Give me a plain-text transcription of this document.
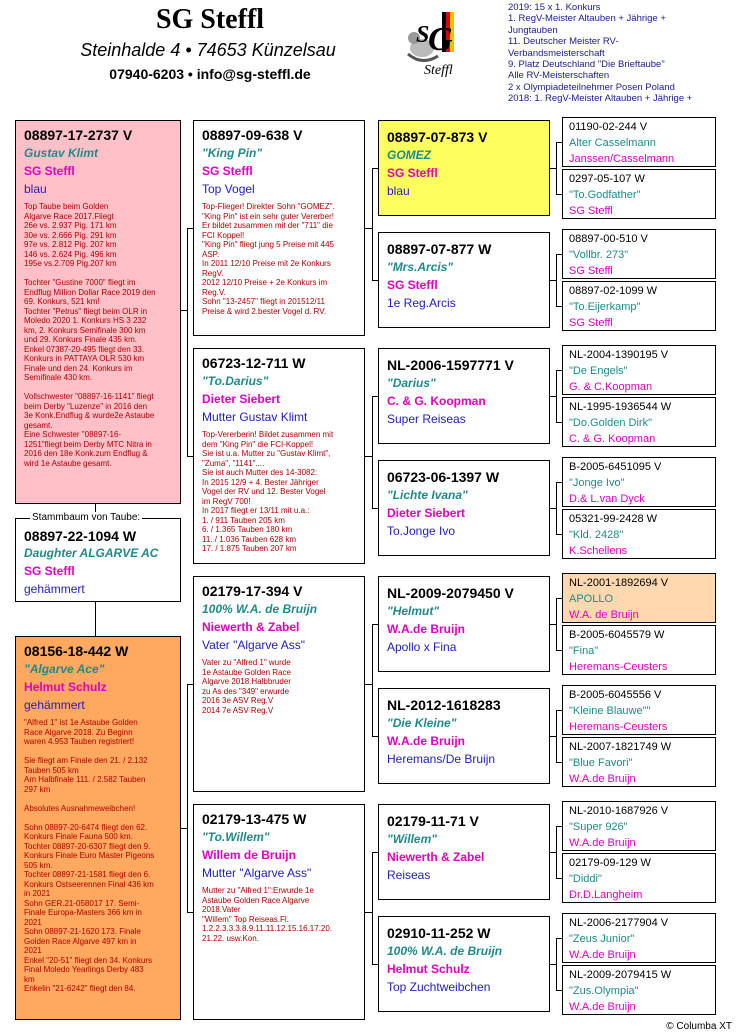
SG Steffl
Steinhalde 4 • 74653 Künzelsau
07940-6203 • info@sg-steffl.de
G
S
Steffl
2019: 15 x 1. Konkurs
1. RegV-Meister Altauben + Jährige +
Jungtauben
11. Deutscher Meister RV-
Verbandsmeisterschaft
9. Platz Deutschland "Die Brieftaube"
Alle RV-Meisterschaften
2 x Olympiadeteilnehmer Posen Poland
2018: 1. RegV-Meister Altauben + Jährige +
08897-17-2737 V
Gustav Klimt
SG Steffl
blau
Top Taube beim Golden
Algarve Race 2017.Fliegt
26e vs. 2.937 Pig. 171 km
30e vs. 2.666 Pig. 291 km
97e vs. 2.812 Pig. 207 km
146 vs. 2.624 Pig. 496 km
195e vs.2.709 Pig.207 km
Tochter "Gustine 7000" fliegt im
Endflug Million Dollar Race 2019 den
69. Konkurs, 521 km!
Tochter "Petrus" fliegt beim OLR in
Moledo 2020 1. Konkurs HS 3 232
km, 2. Konkurs Semifinale 300 km
und 29. Konkurs Finale 435 km.
Enkel 07387-20-495 fliegt den 33.
Konkurs in PATTAYA OLR 530 km
Finale und den 24. Konkurs im
Semifinale 430 km.
Vollschwester "08897-16-1141" fliegt
beim Derby "Luzenze" in 2016 den
3e Konk.Endflug & wurde2e Astaube
gesamt.
Eine Schwester "08897-16-
1251"fliegt beim Derby MTC Nitra in
2016 den 18e Konk.zum Endflug &
wird 1e Astaube gesamt.
Stammbaum von Taube:
08897-22-1094 W
Daughter ALGARVE AC
SG Steffl
gehämmert
08156-18-442 W
"Algarve Ace"
Helmut Schulz
gehämmert
"Alfred 1" ist 1e Astaube Golden
Race Algarve 2018. Zu Beginn
waren 4.953 Tauben registriert!
Sie fliegt am Finale den 21. / 2.132
Tauben 505 km
Am Halbfinale 111. / 2.582 Tauben
297 km
Absolutes Ausnahmeweibchen!
Sohn 08897-20-6474 fliegt den 62.
Konkurs Finale Fauna 500 km.
Tochter 08897-20-6307 fliegt den 9.
Konkurs Finale Euro Master Pigeons
505 km.
Tochter 08897-21-1581 fliegt den 6.
Konkurs Ostseerennen Final 436 km
in 2021
Sohn GER.21-058017 17. Semi-
Finale Europa-Masters 366 km in
2021
Sohn 08897-21-1620 173. Finale
Golden Race Algarve 497 km in
2021
Enkel "20-51" fliegt den 34. Konkurs
Final Moledo Yearlings Derby 483
km
Enkelin "21-6242" fliegt den 84.
08897-09-638 V
"King Pin"
SG Steffl
Top Vogel
Top-Flieger! Direkter Sohn "GOMEZ".
"King Pin" ist ein sehr guter Vererber!
Er bildet zusammen mit der "711" die
FCI Koppel!
"King Pin" fliegt jung 5 Preise mit 445
ASP.
In 2011 12/10 Preise mit 2e Konkurs
RegV.
2012 12/10 Preise + 2e Konkurs im
Reg.V.
Sohn "13-2457" fliegt in 201512/11
Preise & wird 2.bester Vogel d. RV.
06723-12-711 W
"To.Darius"
Dieter Siebert
Mutter Gustav Klimt
Top-Vererberin! Bildet zusammen mit
dem "King Pin" die FCI-Koppel!
Sie ist u.a. Mutter zu "Gustav Klimt",
"Zuma", "1141"....
Sie ist auch Mutter des 14-3082:
In 2015 12/9 + 4. Bester Jähriger
Vogel der RV und 12. Bester Vogel
im RegV 700!
In 2017 fliegt er 13/11 mit u.a.:
1. / 911 Tauben 205 km
6. / 1.365 Tauben 180 km
11. / 1.036 Tauben 628 km
17. / 1.875 Tauben 207 km
02179-17-394 V
100% W.A. de Bruijn
Niewerth & Zabel
Vater "Algarve Ass"
Vater zu "Alfred 1" wurde
1e Astaube Golden Race
Algarve 2018.Halbbruder
zu As des "349" erwurde
2016 3e ASV Reg.V
2014 7e ASV Reg.V
02179-13-475 W
"To.Willem"
Willem de Bruijn
Mutter "Algarve Ass"
Mutter zu "Alfred 1":Erwurde 1e
Astaube Golden Race Algarve
2018.Vater
"Willem" Top Reiseas.Fl.
1.2.2.3.3.3.8.9.11.11.12.15.16.17.20.
21.22. usw.Kon.
08897-07-873 V
GOMEZ
SG Steffl
blau
08897-07-877 W
"Mrs.Arcis"
SG Steffl
1e Reg.Arcis
NL-2006-1597771 V
"Darius"
C. & G. Koopman
Super Reiseas
06723-06-1397 W
"Lichte Ivana"
Dieter Siebert
To.Jonge Ivo
NL-2009-2079450 V
"Helmut"
W.A.de Bruijn
Apollo x Fina
NL-2012-1618283
"Die Kleine"
W.A.de Bruijn
Heremans/De Bruijn
02179-11-71 V
"Willem"
Niewerth & Zabel
Reiseas
02910-11-252 W
100% W.A. de Bruijn
Helmut Schulz
Top Zuchtweibchen
01190-02-244 V
Alter Casselmann
Janssen/Casselmann
0297-05-107 W
"To.Godfather"
SG Steffl
08897-00-510 V
"Vollbr. 273"
SG Steffl
08897-02-1099 W
"To.Eijerkamp"
SG Steffl
NL-2004-1390195 V
"De Engels"
G. & C.Koopman
NL-1995-1936544 W
"Do.Golden Dirk"
C. & G. Koopman
B-2005-6451095 V
"Jonge Ivo"
D.& L.van Dyck
05321-99-2428 W
"Kld. 2428"
K.Schellens
NL-2001-1892694 V
APOLLO
W.A. de Bruijn
B-2005-6045579 W
"Fina"
Heremans-Ceusters
B-2005-6045556 V
"Kleine Blauwe""
Heremans-Ceusters
NL-2007-1821749 W
"Blue Favori"
W.A.de Bruijn
NL-2010-1687926 V
"Super 926"
W.A.de Bruijn
02179-09-129 W
"Diddi"
Dr.D.Langheim
NL-2006-2177904 V
"Zeus Junior"
W.A.de Bruijn
NL-2009-2079415 W
"Zus.Olympia"
W.A.de Bruijn
© Columba XT
